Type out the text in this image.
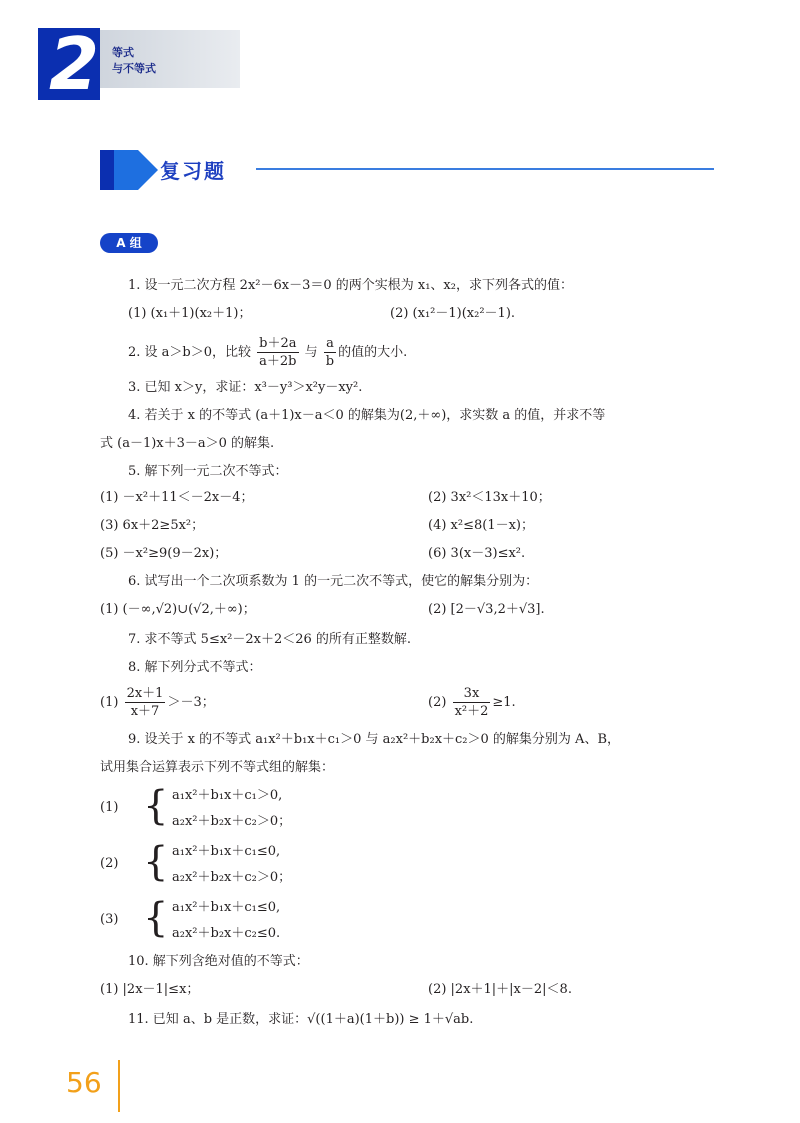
2	等式
与不等式
复习题
A 组
1. 设一元二次方程 2x²－6x－3＝0 的两个实根为 x₁、x₂，求下列各式的值：
(1) (x₁＋1)(x₂＋1)；	(2) (x₁²－1)(x₂²－1).
2. 设 a＞b＞0，比较 $\frac{b+2a}{a+2b}$ 与 $\frac{a}{b}$ 的值的大小.
3. 已知 x＞y，求证：x³－y³＞x²y－xy².
4. 若关于 x 的不等式 (a＋1)x－a＜0 的解集为(2,＋∞)，求实数 a 的值，并求不等
式 (a－1)x＋3－a＞0 的解集.
5. 解下列一元二次不等式：
(1) －x²＋11＜－2x－4；	(2) 3x²＜13x＋10；
(3) 6x＋2≥5x²；	(4) x²≤8(1－x)；
(5) －x²≥9(9－2x)；	(6) 3(x－3)≤x².
6. 试写出一个二次项系数为 1 的一元二次不等式，使它的解集分别为：
(1) (－∞,√2)∪(√2,＋∞)；	(2) [2－√3,2＋√3].
7. 求不等式 5≤x²－2x＋2＜26 的所有正整数解.
8. 解下列分式不等式：
$(1) \frac{2x+1}{x+7} >-3$；	$(2) \frac{3x}{\text{x²＋2}} \ge 1$.
9. 设关于 x 的不等式 a₁x²＋b₁x＋c₁＞0 与 a₂x²＋b₂x＋c₂＞0 的解集分别为 A、B，
试用集合运算表示下列不等式组的解集：
(1) { a₁x²＋b₁x＋c₁＞0,
a₂x²＋b₂x＋c₂＞0；
(2) { a₁x²＋b₁x＋c₁≤0,
a₂x²＋b₂x＋c₂＞0；
(3) { a₁x²＋b₁x＋c₁≤0,
a₂x²＋b₂x＋c₂≤0.
10. 解下列含绝对值的不等式：
(1) |2x－1|≤x；	(2) |2x＋1|＋|x－2|＜8.
11. 已知 a、b 是正数，求证：√((1＋a)(1＋b)) ≥ 1＋√ab.
56
